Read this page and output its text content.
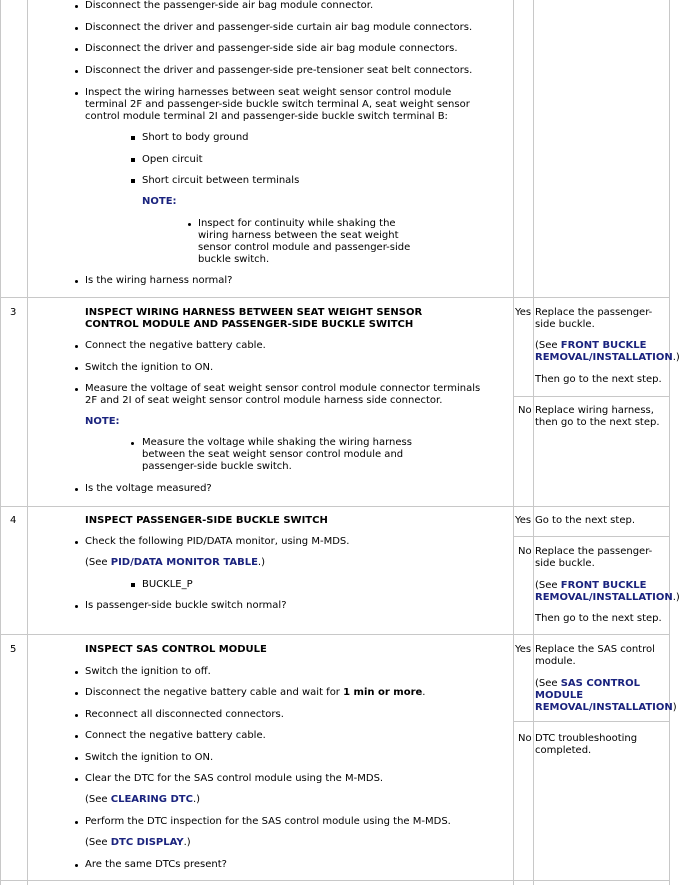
Disconnect the passenger-side air bag module connector.
Disconnect the driver and passenger-side curtain air bag module connectors.
Disconnect the driver and passenger-side side air bag module connectors.
Disconnect the driver and passenger-side pre-tensioner seat belt connectors.
Inspect the wiring harnesses between seat weight sensor control module
terminal 2F and passenger-side buckle switch terminal A, seat weight sensor
control module terminal 2I and passenger-side buckle switch terminal B:
Short to body ground
Open circuit
Short circuit between terminals
NOTE:
Inspect for continuity while shaking the
wiring harness between the seat weight
sensor control module and passenger-side
buckle switch.
Is the wiring harness normal?
3	INSPECT WIRING HARNESS BETWEEN SEAT WEIGHT SENSOR
CONTROL MODULE AND PASSENGER-SIDE BUCKLE SWITCH
Connect the negative battery cable.
Switch the ignition to ON.
Measure the voltage of seat weight sensor control module connector terminals
2F and 2I of seat weight sensor control module harness side connector.
NOTE:
Measure the voltage while shaking the wiring harness
between the seat weight sensor control module and
passenger-side buckle switch.
Is the voltage measured?
Yes Replace the passenger-
side buckle.
(See FRONT BUCKLE
REMOVAL/INSTALLATION.)
Then go to the next step.
No Replace wiring harness,
then go to the next step.
4	INSPECT PASSENGER-SIDE BUCKLE SWITCH
Check the following PID/DATA monitor, using M-MDS.
(See PID/DATA MONITOR TABLE.)
BUCKLE_P
Is passenger-side buckle switch normal?
Yes Go to the next step.
No Replace the passenger-
side buckle.
(See FRONT BUCKLE
REMOVAL/INSTALLATION.)
Then go to the next step.
5	INSPECT SAS CONTROL MODULE
Switch the ignition to off.
Disconnect the negative battery cable and wait for 1 min or more.
Reconnect all disconnected connectors.
Connect the negative battery cable.
Switch the ignition to ON.
Clear the DTC for the SAS control module using the M-MDS.
(See CLEARING DTC.)
Perform the DTC inspection for the SAS control module using the M-MDS.
(See DTC DISPLAY.)
Are the same DTCs present?
Yes Replace the SAS control
module.
(See SAS CONTROL
MODULE
REMOVAL/INSTALLATION)
No DTC troubleshooting
completed.
